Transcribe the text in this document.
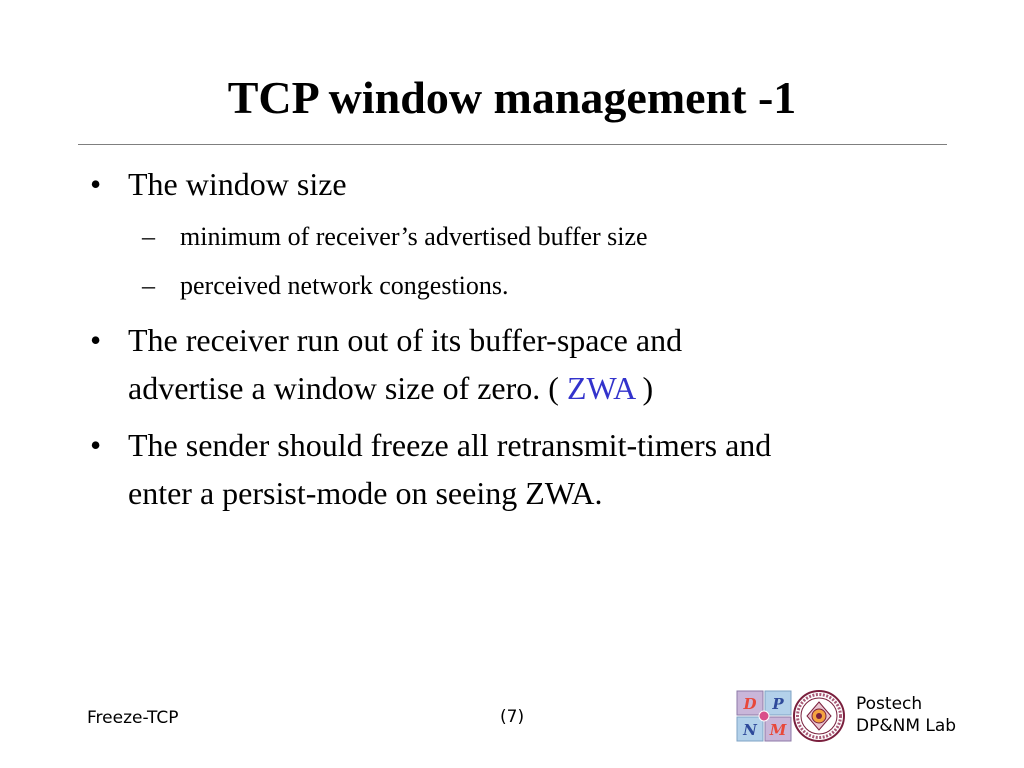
TCP window management -1
• The window size
– minimum of receiver’s advertised buffer size
– perceived network congestions.
• The receiver run out of its buffer-space and
advertise a window size of zero. ( ZWA )
• The sender should freeze all retransmit-timers and
enter a persist-mode on seeing ZWA.
Freeze-TCP	(7)
D P
N M
Postech
DP&NM Lab
